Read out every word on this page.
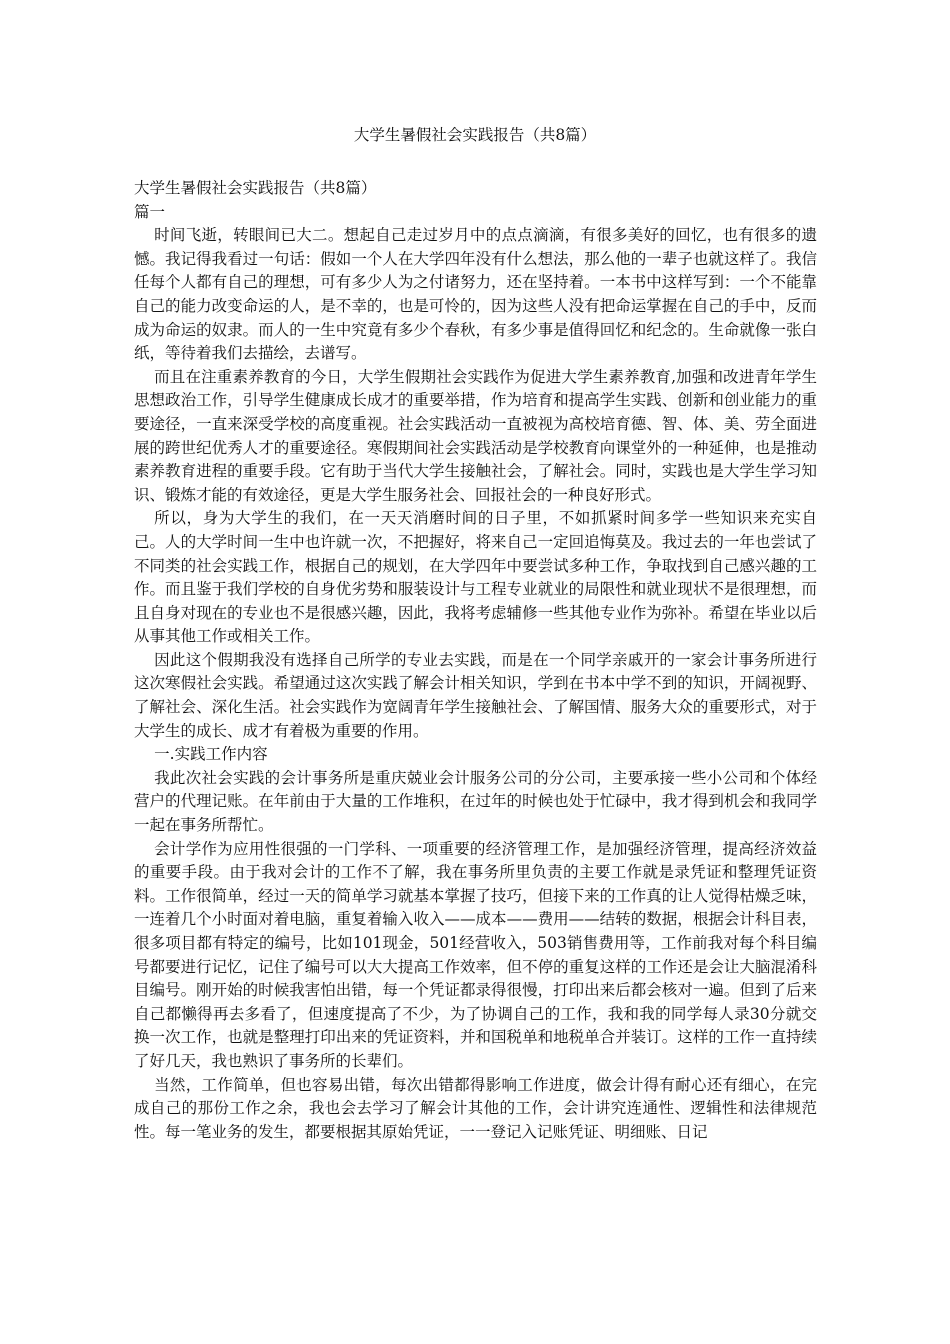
大学生暑假社会实践报告（共8篇）

大学生暑假社会实践报告（共8篇）

篇一

时间飞逝，转眼间已大二。想起自己走过岁月中的点点滴滴，有很多美好的回忆，也有很多的遗憾。我记得我看过一句话：假如一个人在大学四年没有什么想法，那么他的一辈子也就这样了。我信任每个人都有自己的理想，可有多少人为之付诸努力，还在坚持着。一本书中这样写到：一个不能靠自己的能力改变命运的人，是不幸的，也是可怜的，因为这些人没有把命运掌握在自己的手中，反而成为命运的奴隶。而人的一生中究竟有多少个春秋，有多少事是值得回忆和纪念的。生命就像一张白纸，等待着我们去描绘，去谱写。

而且在注重素养教育的今日，大学生假期社会实践作为促进大学生素养教育,加强和改进青年学生思想政治工作，引导学生健康成长成才的重要举措，作为培育和提高学生实践、创新和创业能力的重要途径，一直来深受学校的高度重视。社会实践活动一直被视为高校培育德、智、体、美、劳全面进展的跨世纪优秀人才的重要途径。寒假期间社会实践活动是学校教育向课堂外的一种延伸，也是推动素养教育进程的重要手段。它有助于当代大学生接触社会，了解社会。同时，实践也是大学生学习知识、锻炼才能的有效途径，更是大学生服务社会、回报社会的一种良好形式。

所以，身为大学生的我们，在一天天消磨时间的日子里，不如抓紧时间多学一些知识来充实自己。人的大学时间一生中也许就一次，不把握好，将来自己一定回追悔莫及。我过去的一年也尝试了不同类的社会实践工作，根据自己的规划，在大学四年中要尝试多种工作，争取找到自己感兴趣的工作。而且鉴于我们学校的自身优劣势和服装设计与工程专业就业的局限性和就业现状不是很理想，而且自身对现在的专业也不是很感兴趣，因此，我将考虑辅修一些其他专业作为弥补。希望在毕业以后从事其他工作或相关工作。

因此这个假期我没有选择自己所学的专业去实践，而是在一个同学亲戚开的一家会计事务所进行这次寒假社会实践。希望通过这次实践了解会计相关知识，学到在书本中学不到的知识，开阔视野、了解社会、深化生活。社会实践作为宽阔青年学生接触社会、了解国情、服务大众的重要形式，对于大学生的成长、成才有着极为重要的作用。

一.实践工作内容

我此次社会实践的会计事务所是重庆兢业会计服务公司的分公司，主要承接一些小公司和个体经营户的代理记账。在年前由于大量的工作堆积，在过年的时候也处于忙碌中，我才得到机会和我同学一起在事务所帮忙。

会计学作为应用性很强的一门学科、一项重要的经济管理工作，是加强经济管理，提高经济效益的重要手段。由于我对会计的工作不了解，我在事务所里负责的主要工作就是录凭证和整理凭证资料。工作很简单，经过一天的简单学习就基本掌握了技巧，但接下来的工作真的让人觉得枯燥乏味，一连着几个小时面对着电脑，重复着输入收入——成本——费用——结转的数据，根据会计科目表，很多项目都有特定的编号，比如101现金，501经营收入，503销售费用等，工作前我对每个科目编号都要进行记忆，记住了编号可以大大提高工作效率，但不停的重复这样的工作还是会让大脑混淆科目编号。刚开始的时候我害怕出错，每一个凭证都录得很慢，打印出来后都会核对一遍。但到了后来自己都懒得再去多看了，但速度提高了不少，为了协调自己的工作，我和我的同学每人录30分就交换一次工作，也就是整理打印出来的凭证资料，并和国税单和地税单合并装订。这样的工作一直持续了好几天，我也熟识了事务所的长辈们。

当然，工作简单，但也容易出错，每次出错都得影响工作进度，做会计得有耐心还有细心，在完成自己的那份工作之余，我也会去学习了解会计其他的工作，会计讲究连通性、逻辑性和法律规范性。每一笔业务的发生，都要根据其原始凭证，一一登记入记账凭证、明细账、日记
